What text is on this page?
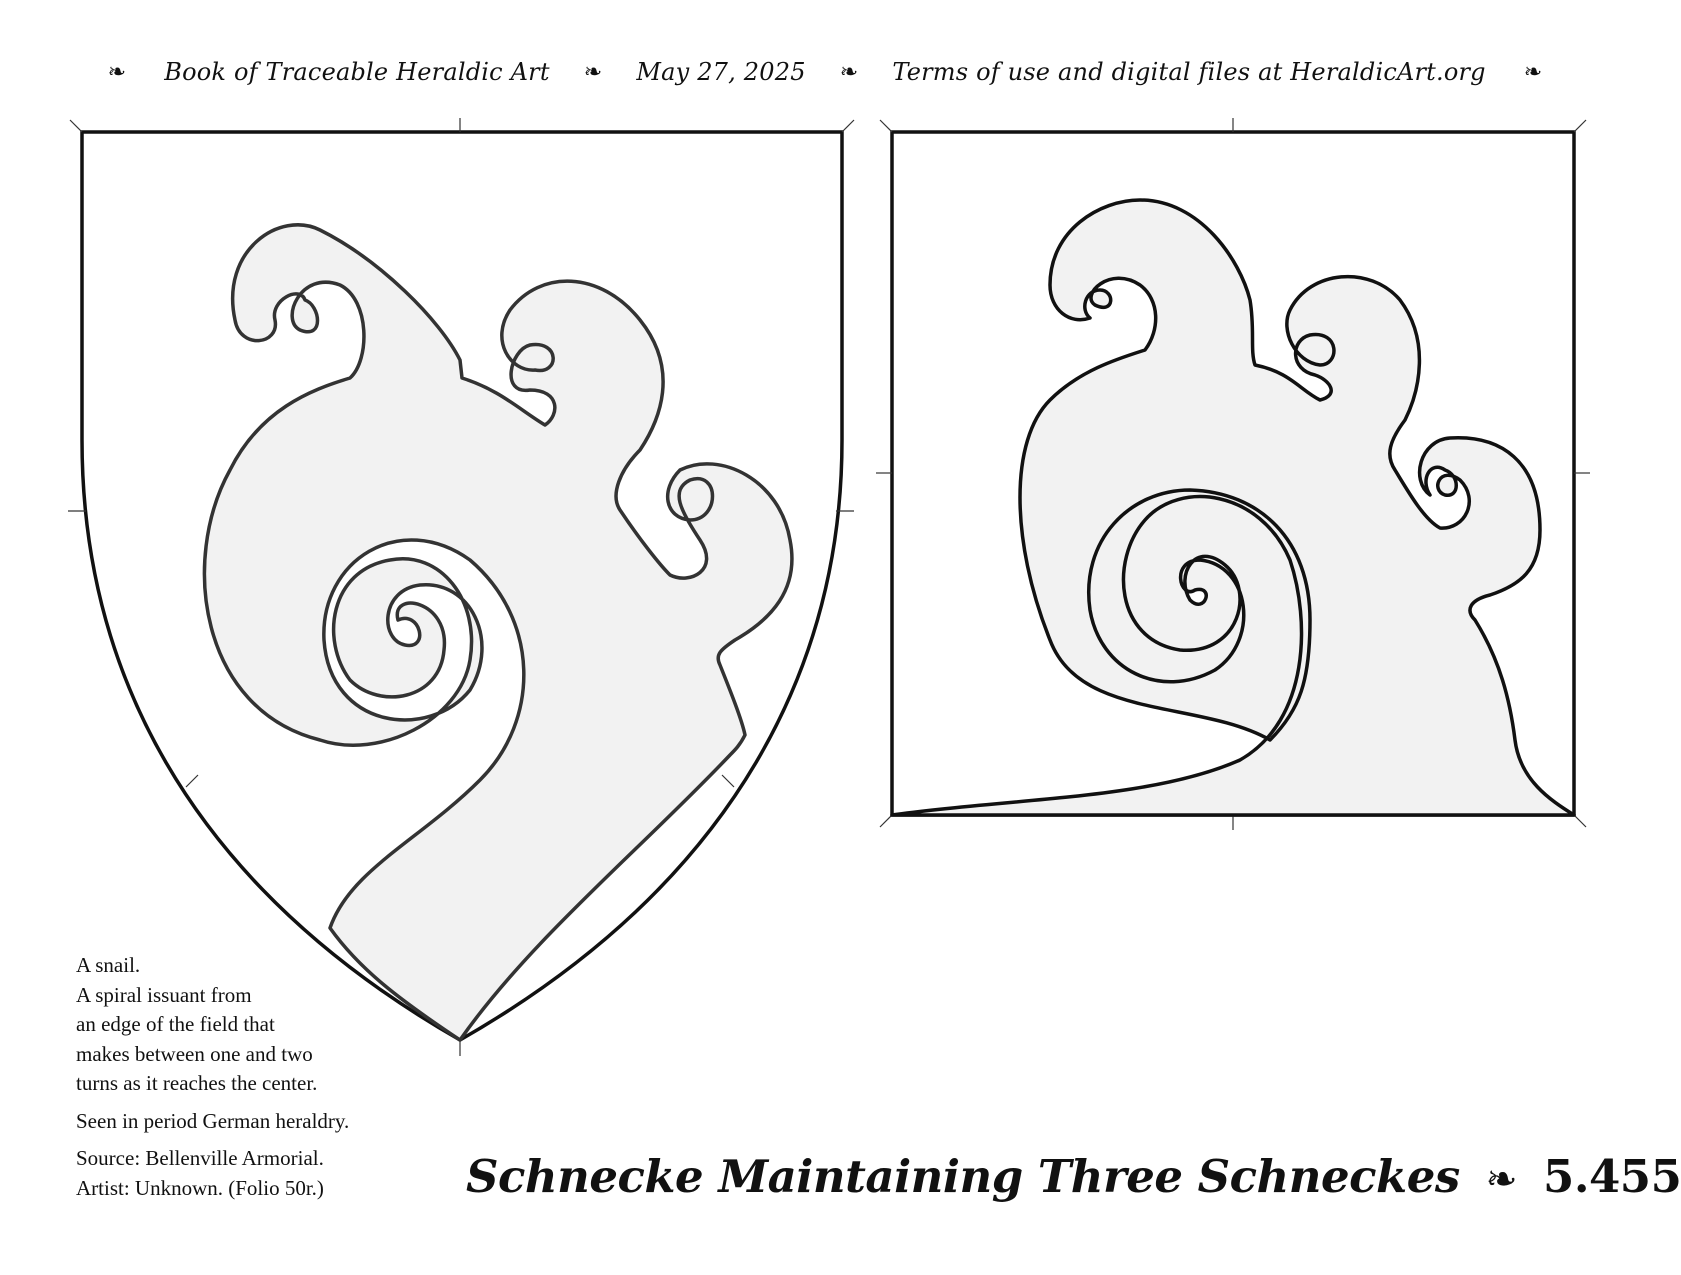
❧ Book of Traceable Heraldic Art ❧ May 27, 2025 ❧ Terms of use and digital files at HeraldicArt.org ❧

A snail.
A spiral issuant from
an edge of the field that
makes between one and two
turns as it reaches the center.

Seen in period German heraldry.

Source: Bellenville Armorial.
Artist: Unknown. (Folio 50r.)	Schnecke Maintaining Three Schneckes ❧ 5.455
